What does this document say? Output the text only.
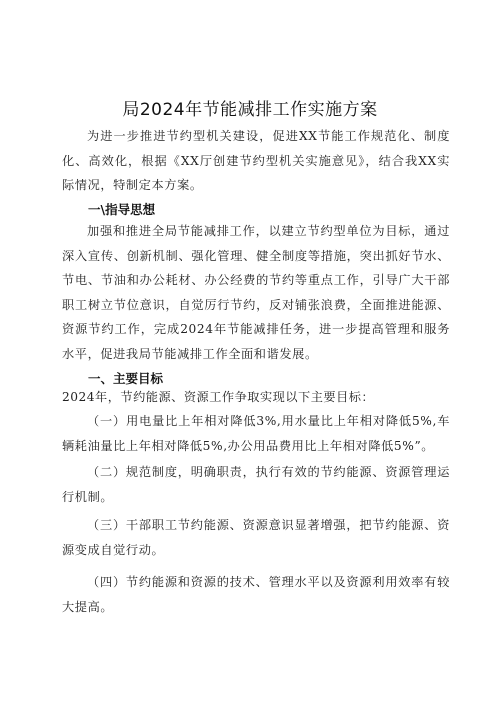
局2024年节能减排工作实施方案
为进一步推进节约型机关建设，促进XX节能工作规范化、制度化、高效化，根据《XX厅创建节约型机关实施意见》，结合我XX实际情况，特制定本方案。
一\指导思想
加强和推进全局节能减排工作，以建立节约型单位为目标，通过深入宣传、创新机制、强化管理、健全制度等措施，突出抓好节水、节电、节油和办公耗材、办公经费的节约等重点工作，引导广大干部职工树立节位意识，自觉厉行节约，反对铺张浪费，全面推进能源、资源节约工作，完成2024年节能减排任务，进一步提高管理和服务水平，促进我局节能减排工作全面和谐发展。
一、主要目标
2024年，节约能源、资源工作争取实现以下主要目标：
（一）用电量比上年相对降低3%,用水量比上年相对降低5%,车辆耗油量比上年相对降低5%,办公用品费用比上年相对降低5%”。
（二）规范制度，明确职责，执行有效的节约能源、资源管理运行机制。
（三）干部职工节约能源、资源意识显著增强，把节约能源、资源变成自觉行动。
（四）节约能源和资源的技术、管理水平以及资源利用效率有较大提高。
